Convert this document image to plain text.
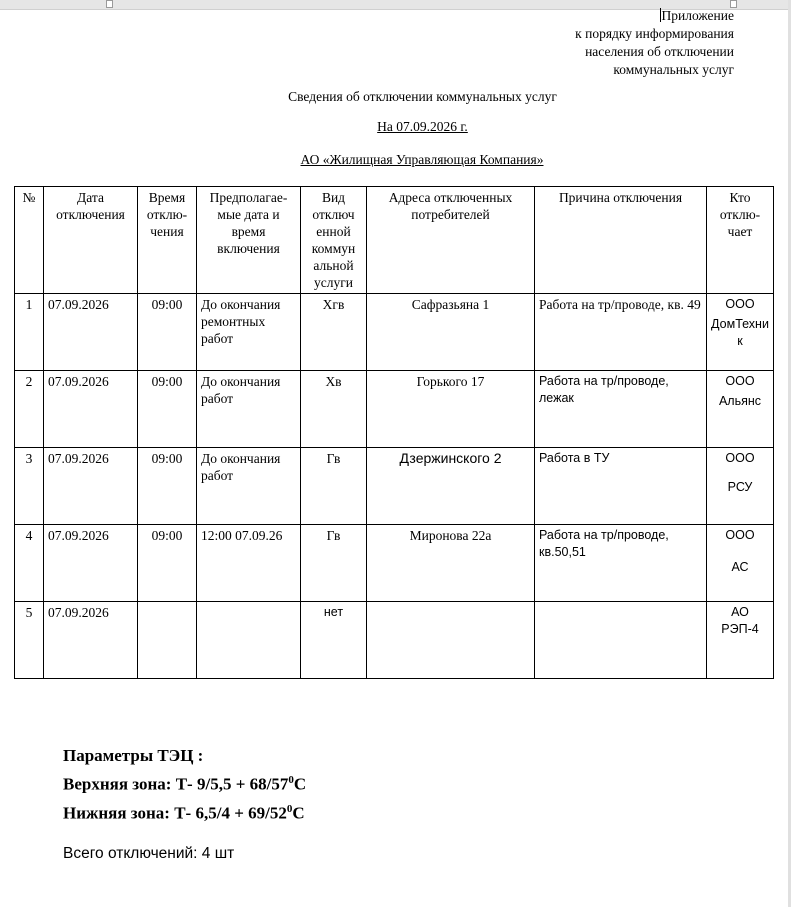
Приложение
к порядку информирования
населения об отключении
коммунальных услуг
Сведения об отключении коммунальных услуг
На 07.09.2026 г.
АО «Жилищная Управляющая Компания»
№	Дата отключения	Время отклю-чения	Предполагае-мые дата и время включения	Вид отключ енной коммун альной услуги	Адреса отключенных потребителей	Причина отключения	Кто отклю-чает
1	07.09.2026	09:00	До окончания ремонтных работ	Хгв	Сафразьяна 1	Работа на тр/проводе, кв. 49	ООО
ДомТехник

2	07.09.2026	09:00	До окончания работ	Хв	Горького 17	Работа на тр/проводе, лежак	ООО
Альянс

3	07.09.2026	09:00	До окончания работ	Гв	Дзержинского 2	Работа в ТУ	ООО
РСУ

4	07.09.2026	09:00	12:00 07.09.26	Гв	Миронова 22а	Работа на тр/проводе, кв.50,51	ООО
АС

5	07.09.2026			нет			АО
РЭП-4
Параметры ТЭЦ :
Верхняя зона: Т- $9/5,5 + 68/57^0С$
Нижняя зона: Т- $6,5/4 + 69/52^0С$
Всего отключений: 4 шт
